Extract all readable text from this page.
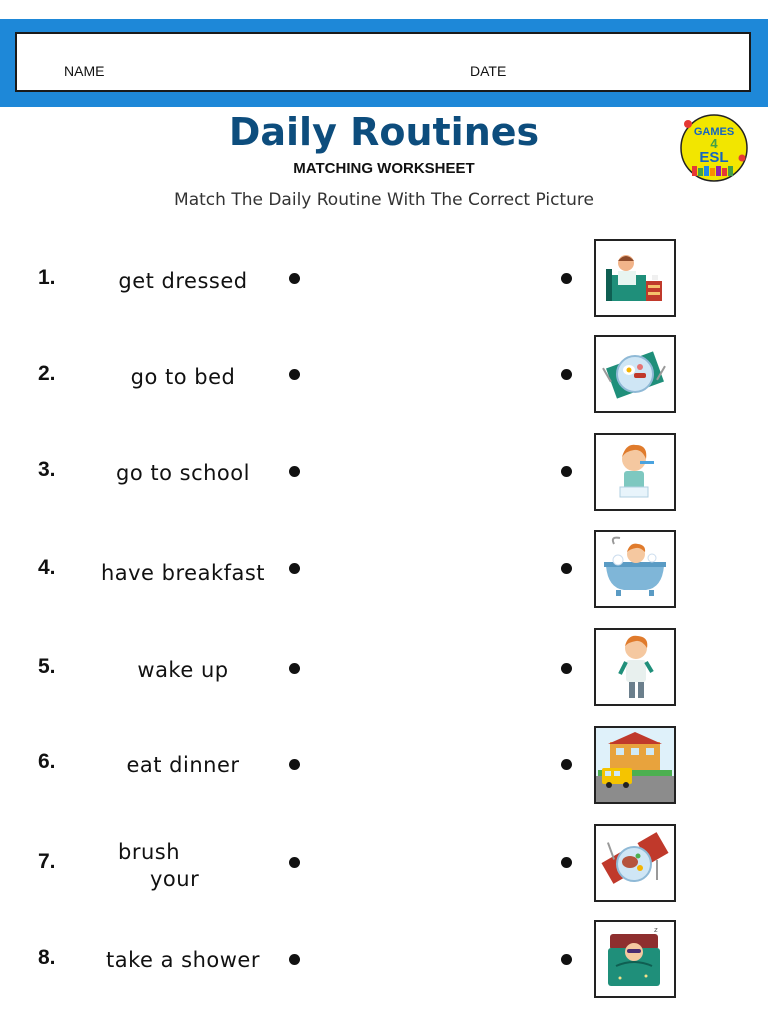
NAME	DATE
Daily Routines
MATCHING WORKSHEET
Match The Daily Routine With The Correct Picture
GAMES
4
ESL
1.	get dressed
2.	go to bed
3.	go to school
4.	have breakfast
5.	wake up
6.	eat dinner
7.	brush
your
8.	take a shower
z
